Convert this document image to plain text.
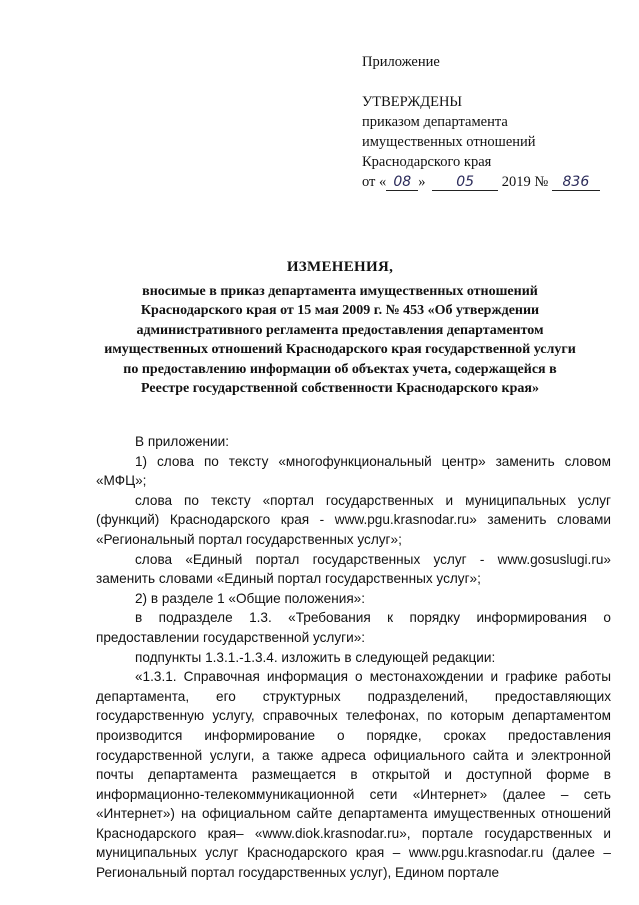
Приложение
УТВЕРЖДЕНЫ
приказом департамента
имущественных отношений
Краснодарского края
от « 08 » 05 2019 № 836
ИЗМЕНЕНИЯ,
вносимые в приказ департамента имущественных отношений
Краснодарского края от 15 мая 2009 г. № 453 «Об утверждении
административного регламента предоставления департаментом
имущественных отношений Краснодарского края государственной услуги
по предоставлению информации об объектах учета, содержащейся в
Реестре государственной собственности Краснодарского края»

В приложении:

1) слова по тексту «многофункциональный центр» заменить словом «МФЦ»;

слова по тексту «портал государственных и муниципальных услуг (функций) Краснодарского края - www.pgu.krasnodar.ru» заменить словами «Региональный портал государственных услуг»;

слова «Единый портал государственных услуг - www.gosuslugi.ru» заменить словами «Единый портал государственных услуг»;

2) в разделе 1 «Общие положения»:

в подразделе 1.3. «Требования к порядку информирования о предоставлении государственной услуги»:

подпункты 1.3.1.-1.3.4. изложить в следующей редакции:

«1.3.1. Справочная информация о местонахождении и графике работы департамента, его структурных подразделений, предоставляющих государственную услугу, справочных телефонах, по которым департаментом производится информирование о порядке, сроках предоставления государственной услуги, а также адреса официального сайта и электронной почты департамента размещается в открытой и доступной форме в информационно-телекоммуникационной сети «Интернет» (далее – сеть «Интернет») на официальном сайте департамента имущественных отношений Краснодарского края– «www.diok.krasnodar.ru», портале государственных и муниципальных услуг Краснодарского края – www.pgu.krasnodar.ru (далее – Региональный портал государственных услуг), Едином портале
